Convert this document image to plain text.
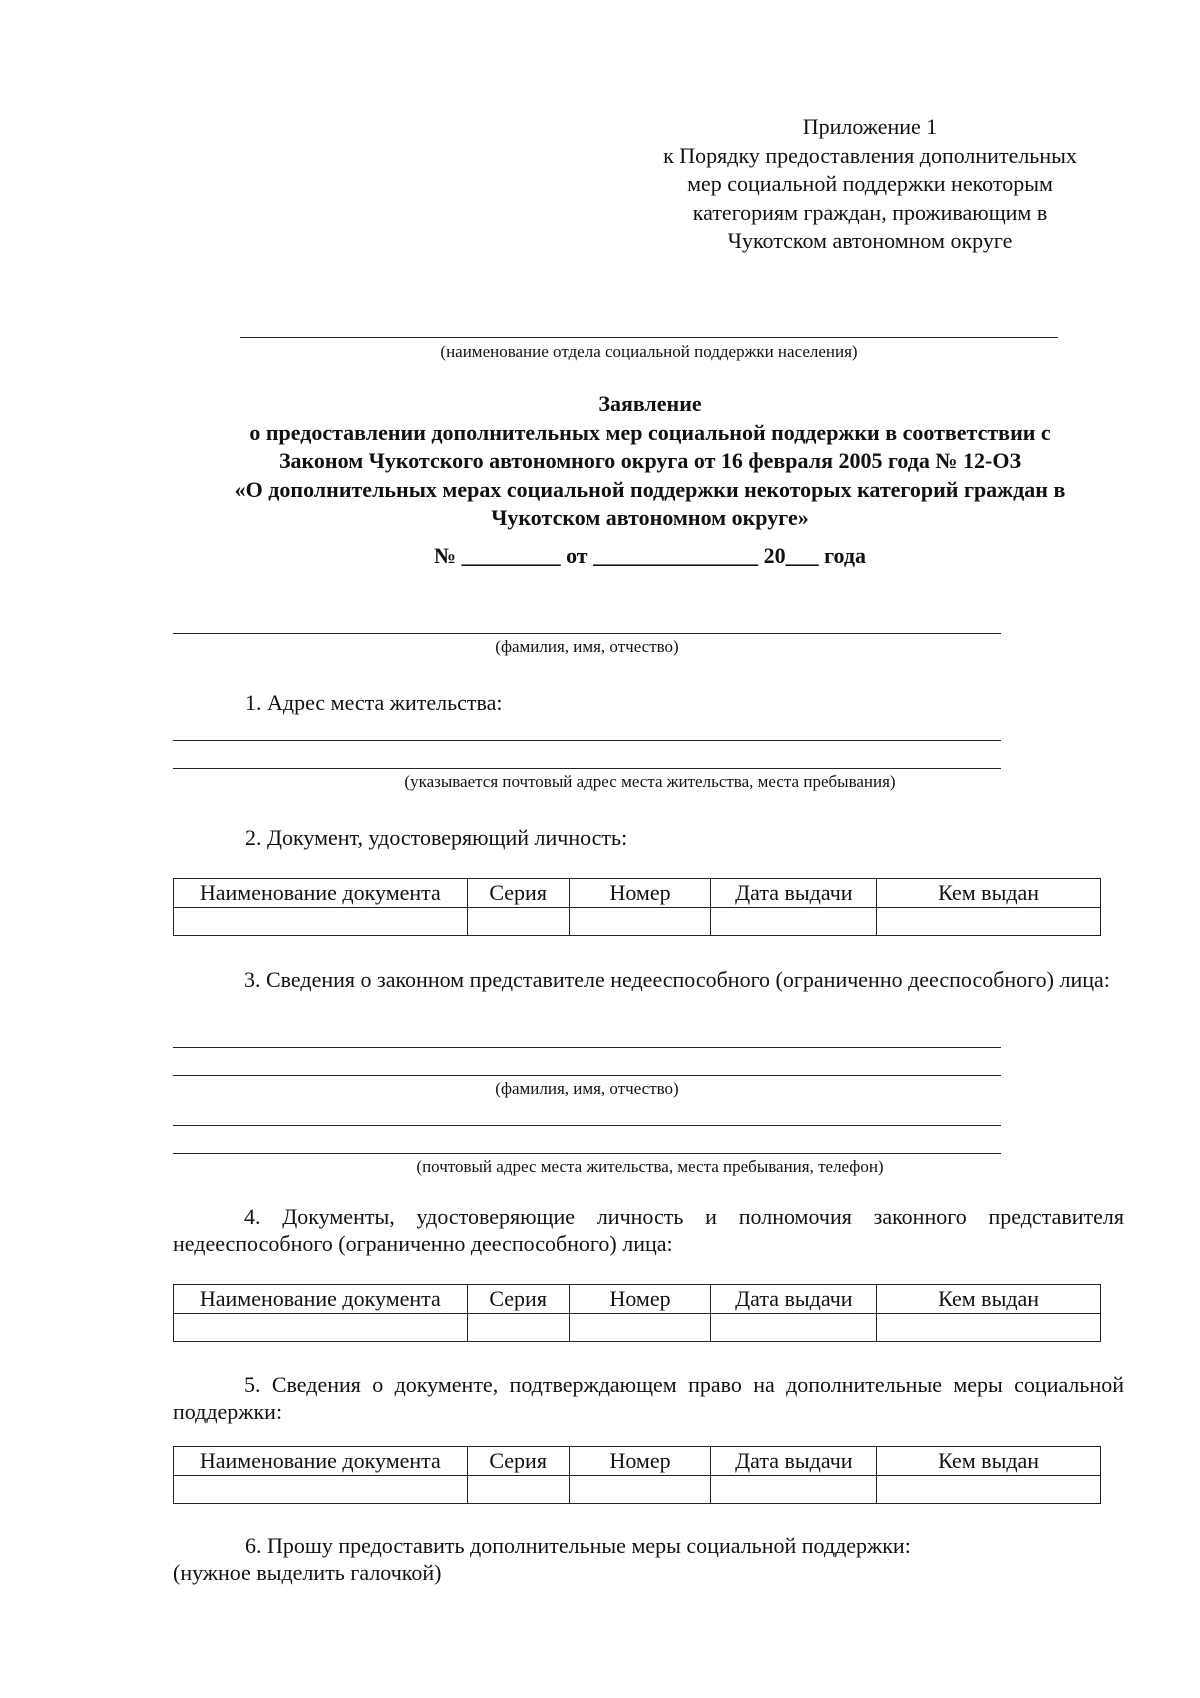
Приложение 1
к Порядку предоставления дополнительных
мер социальной поддержки некоторым
категориям граждан, проживающим в
Чукотском автономном округе
(наименование отдела социальной поддержки населения)
Заявление
о предоставлении дополнительных мер социальной поддержки в соответствии с
Законом Чукотского автономного округа от 16 февраля 2005 года № 12-ОЗ
«О дополнительных мерах социальной поддержки некоторых категорий граждан в
Чукотском автономном округе»
№ _________ от _______________ 20___ года
(фамилия, имя, отчество)
1. Адрес места жительства:
(указывается почтовый адрес места жительства, места пребывания)
2. Документ, удостоверяющий личность:
Наименование документа	Серия	Номер	Дата выдачи	Кем выдан

3. Сведения о законном представителе недееспособного (ограниченно дееспособного) лица:
(фамилия, имя, отчество)
(почтовый адрес места жительства, места пребывания, телефон)
4. Документы, удостоверяющие личность и полномочия законного представителя недееспособного (ограниченно дееспособного) лица:
Наименование документа	Серия	Номер	Дата выдачи	Кем выдан

5. Сведения о документе, подтверждающем право на дополнительные меры социальной поддержки:
Наименование документа	Серия	Номер	Дата выдачи	Кем выдан

6. Прошу предоставить дополнительные меры социальной поддержки:
(нужное выделить галочкой)
